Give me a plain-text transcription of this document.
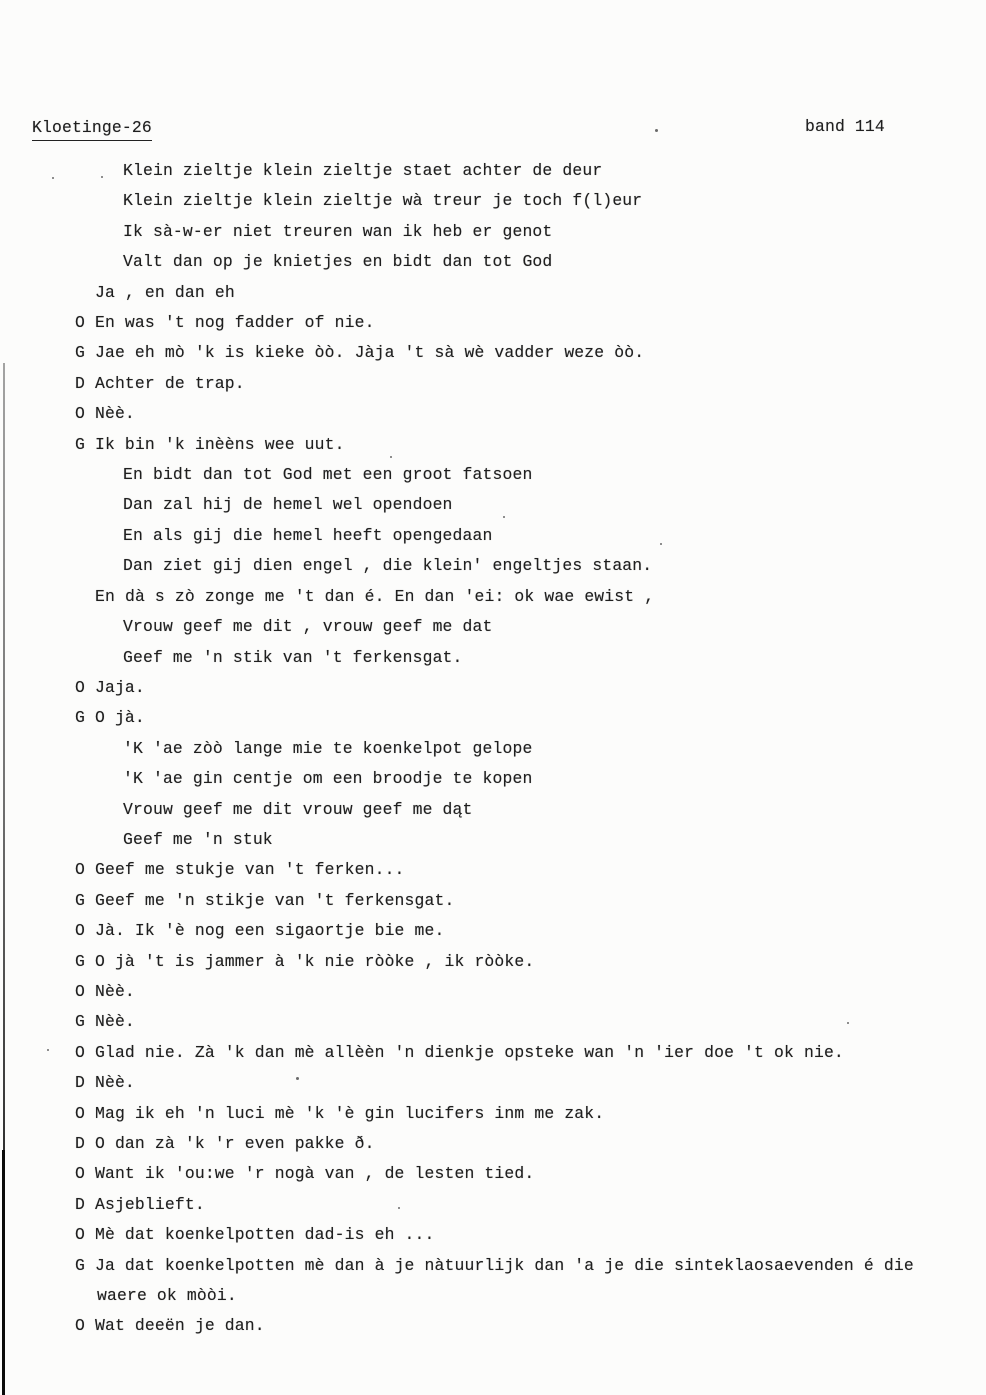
Kloetinge-26	band 114
Klein zieltje klein zieltje staet achter de deur
Klein zieltje klein zieltje wà treur je toch f(l)eur
Ik sà-w-er niet treuren wan ik heb er genot
Valt dan op je knietjes en bidt dan tot God
Ja , en dan eh
O En was 't nog fadder of nie.
G Jae eh mò 'k is kieke òò. Jàja 't sà wè vadder weze òò.
D Achter de trap.
O Nèè.
G Ik bin 'k inèèns wee uut.
En bidt dan tot God met een groot fatsoen
Dan zal hij de hemel wel opendoen
En als gij die hemel heeft opengedaan
Dan ziet gij dien engel , die klein' engeltjes staan.
En dà s zò zonge me 't dan é. En dan 'ei: ok wae ewist ,
Vrouw geef me dit , vrouw geef me dat
Geef me 'n stik van 't ferkensgat.
O Jaja.
G O jà.
'K 'ae zòò lange mie te koenkelpot gelope
'K 'ae gin centje om een broodje te kopen
Vrouw geef me dit vrouw geef me dąt
Geef me 'n stuk
O Geef me stukje van 't ferken...
G Geef me 'n stikje van 't ferkensgat.
O Jà. Ik 'è nog een sigaortje bie me.
G O jà 't is jammer à 'k nie ròòke , ik ròòke.
O Nèè.
G Nèè.
O Glad nie. Zà 'k dan mè allèèn 'n dienkje opsteke wan 'n 'ier doe 't ok nie.
D Nèè.
O Mag ik eh 'n luci mè 'k 'è gin lucifers inm me zak.
D O dan zà 'k 'r even pakke ð.
O Want ik 'ou:we 'r nogà van , de lesten tied.
D Asjeblieft.
O Mè dat koenkelpotten dad-is eh ...
G Ja dat koenkelpotten mè dan à je nàtuurlijk dan 'a je die sinteklaosaevenden é die
waere ok mòòi.
O Wat deeën je dan.
